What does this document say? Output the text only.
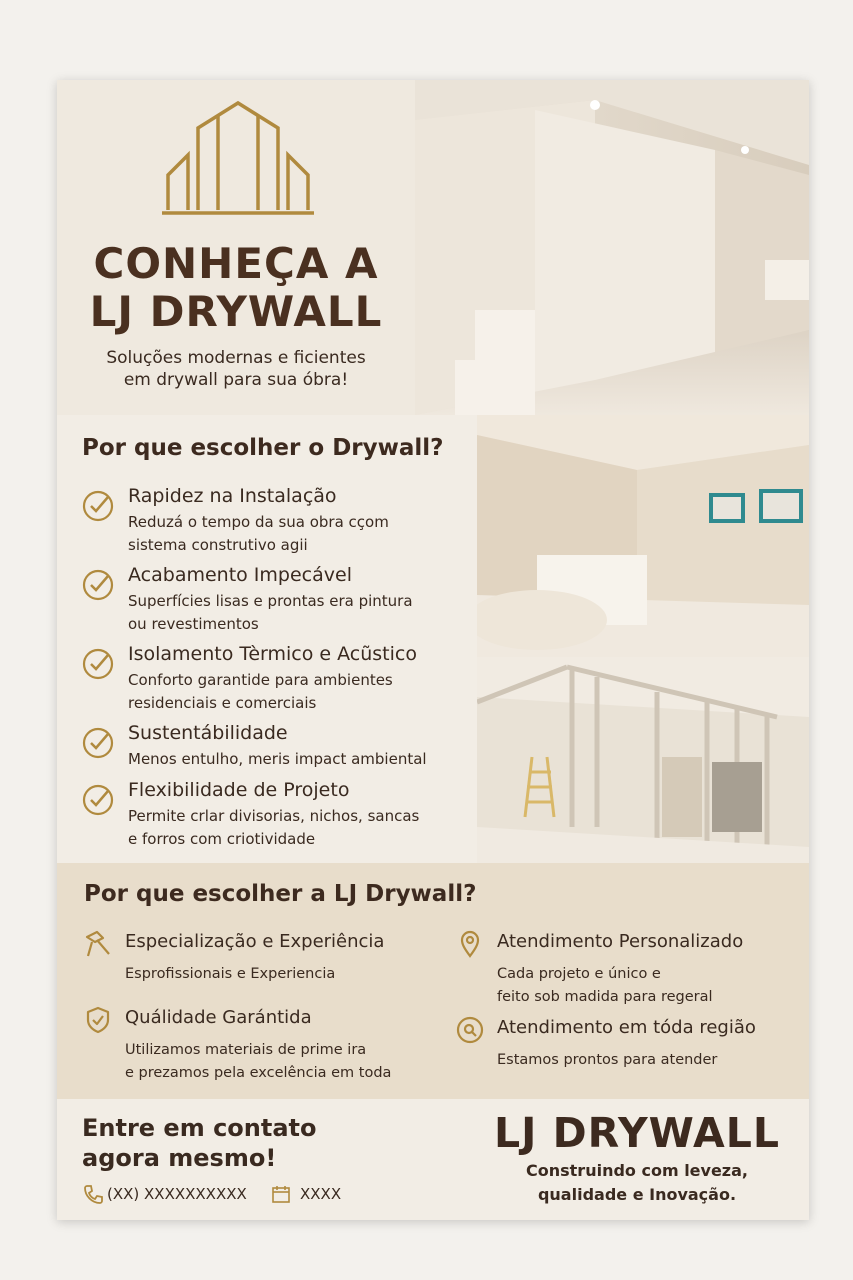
CONHEÇA A
LJ DRYWALL
Soluções modernas e ficientes
em drywall para sua óbra!
Por que escolher o Drywall?
Rapidez na Instalação
Reduzá o tempo da sua obra cçom
sistema construtivo agii
Acabamento Impecável
Superfícies lisas e prontas era pintura
ou revestimentos
Isolamento Tèrmico e Acũstico
Conforto garantide para ambientes
residenciais e comerciais
Sustentábilidade
Menos entulho, meris impact ambiental
Flexibilidade de Projeto
Permite crlar divisorias, nichos, sancas
e forros com criotividade
Por que escolher a LJ Drywall?
Especialização e Experiência
Esprofissionais e Experiencia
Atendimento Personalizado
Cada projeto e único e
feito sob madida para regeral
Quálidade Garántida
Utilizamos materiais de prime ira
e prezamos pela excelência em toda
Atendimento em tóda região
Estamos prontos para atender
Entre em contato
agora mesmo!
(XX) XXXXXXXXXX	XXXX
LJ DRYWALL
Construindo com leveza,
qualidade e Inovação.
